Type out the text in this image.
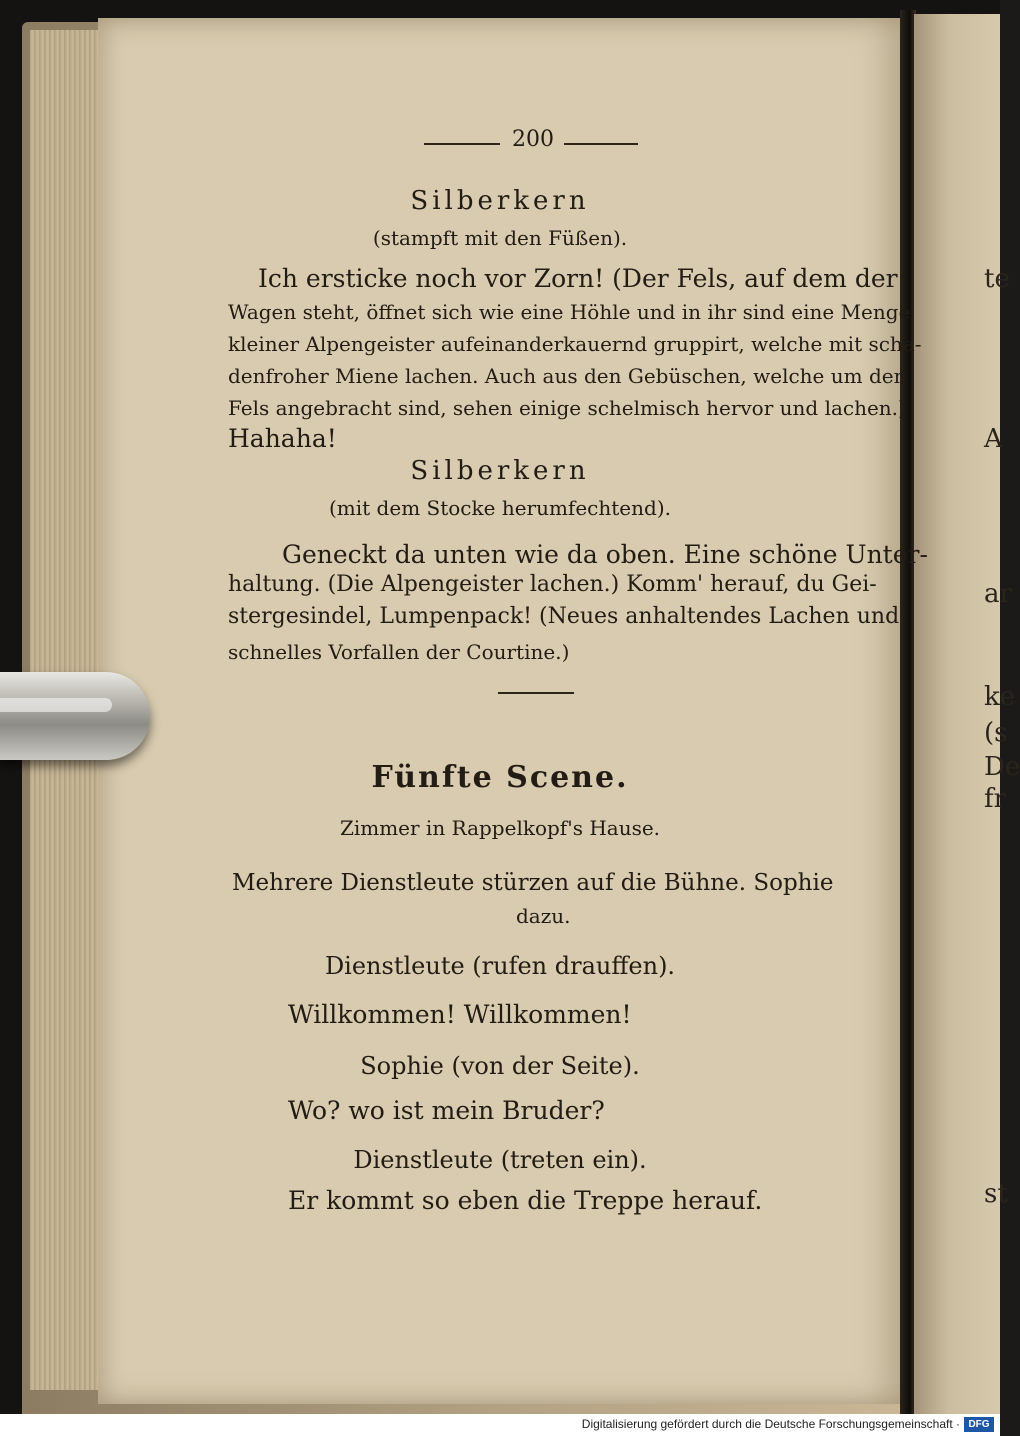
te
A
ar
ke
(s
De
fr
st
200
Silberkern
(stampft mit den Füßen).
Ich ersticke noch vor Zorn! (Der Fels, auf dem der
Wagen steht, öffnet sich wie eine Höhle und in ihr sind eine Menge
kleiner Alpengeister aufeinanderkauernd gruppirt, welche mit scha-
denfroher Miene lachen. Auch aus den Gebüschen, welche um den
Fels angebracht sind, sehen einige schelmisch hervor und lachen.)
Hahaha!
Silberkern
(mit dem Stocke herumfechtend).
Geneckt da unten wie da oben. Eine schöne Unter-
haltung. (Die Alpengeister lachen.) Komm' herauf, du Gei-
stergesindel, Lumpenpack! (Neues anhaltendes Lachen und
schnelles Vorfallen der Courtine.)
Fünfte Scene.
Zimmer in Rappelkopf's Hause.
Mehrere Dienstleute stürzen auf die Bühne. Sophie
dazu.
Dienstleute (rufen drauffen).
Willkommen! Willkommen!
Sophie (von der Seite).
Wo? wo ist mein Bruder?
Dienstleute (treten ein).
Er kommt so eben die Treppe herauf.
Digitalisierung gefördert durch die Deutsche Forschungsgemeinschaft · DFG
